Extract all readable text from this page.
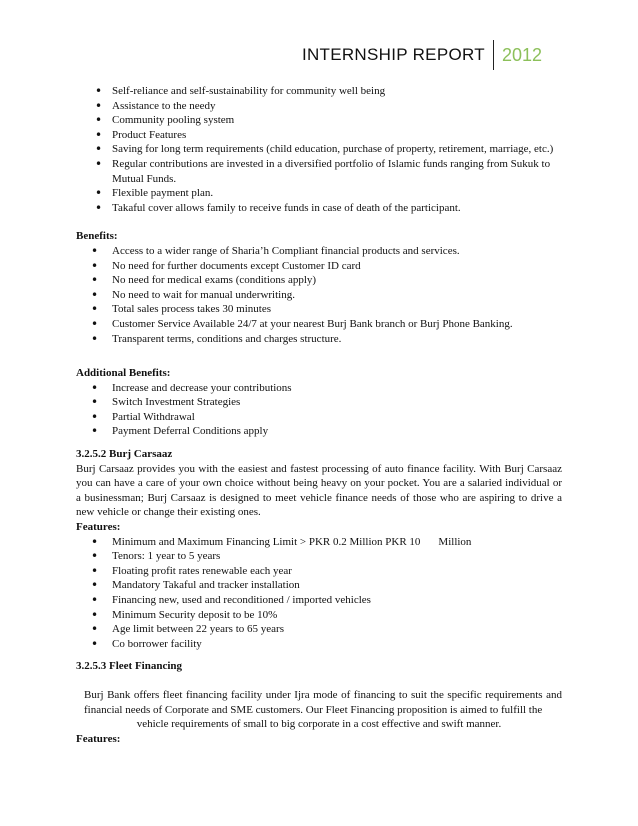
INTERNSHIP REPORT 2012
• Self-reliance and self-sustainability for community well being
• Assistance to the needy
• Community pooling system
• Product Features
• Saving for long term requirements (child education, purchase of property, retirement, marriage, etc.)
• Regular contributions are invested in a diversified portfolio of Islamic funds ranging from Sukuk to Mutual Funds.
• Flexible payment plan.
• Takaful cover allows family to receive funds in case of death of the participant.

Benefits:

• Access to a wider range of Sharia’h Compliant financial products and services.
• No need for further documents except Customer ID card
• No need for medical exams (conditions apply)
• No need to wait for manual underwriting.
• Total sales process takes 30 minutes
• Customer Service Available 24/7 at your nearest Burj Bank branch or Burj Phone Banking.
• Transparent terms, conditions and charges structure.

Additional Benefits:

• Increase and decrease your contributions
• Switch Investment Strategies
• Partial Withdrawal
• Payment Deferral Conditions apply

3.2.5.2 Burj Carsaaz

Burj Carsaaz provides you with the easiest and fastest processing of auto finance facility. With Burj Carsaaz you can have a care of your own choice without being heavy on your pocket. You are a salaried individual or a businessman; Burj Carsaaz is designed to meet vehicle finance needs of those who are aspiring to drive a new vehicle or change their existing ones.

Features:

• Minimum and Maximum Financing Limit > PKR 0.2 Million PKR 10 Million
• Tenors: 1 year to 5 years
• Floating profit rates renewable each year
• Mandatory Takaful and tracker installation
• Financing new, used and reconditioned / imported vehicles
• Minimum Security deposit to be 10%
• Age limit between 22 years to 65 years
• Co borrower facility

3.2.5.3 Fleet Financing

Burj Bank offers fleet financing facility under Ijra mode of financing to suit the specific requirements and financial needs of Corporate and SME customers. Our Fleet Financing proposition is aimed to fulfill the

vehicle requirements of small to big corporate in a cost effective and swift manner.

Features:
